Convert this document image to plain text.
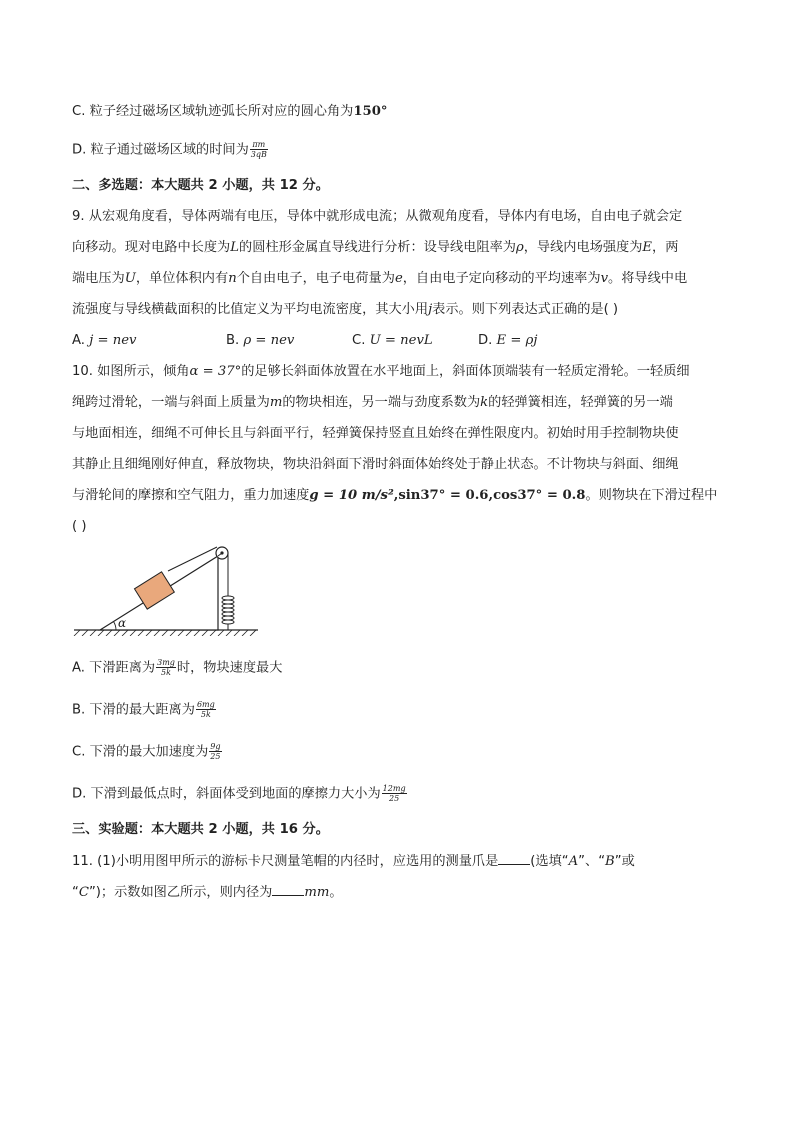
C. 粒子经过磁场区域轨迹弧长所对应的圆心角为150°
D. 粒子通过磁场区域的时间为 $\frac{\pi m}{3qB}$
二、多选题：本大题共 2 小题，共 12 分。
9. 从宏观角度看，导体两端有电压，导体中就形成电流；从微观角度看，导体内有电场，自由电子就会定
向移动。现对电路中长度为L的圆柱形金属直导线进行分析：设导线电阻率为ρ，导线内电场强度为E，两
端电压为U，单位体积内有n个自由电子，电子电荷量为e，自由电子定向移动的平均速率为v。将导线中电
流强度与导线横截面积的比值定义为平均电流密度，其大小用j表示。则下列表达式正确的是( )
A. j = nev	B. ρ = nev	C. U = nevL	D. E = ρj
10. 如图所示，倾角α = 37°的足够长斜面体放置在水平地面上，斜面体顶端装有一轻质定滑轮。一轻质细
绳跨过滑轮，一端与斜面上质量为m的物块相连，另一端与劲度系数为k的轻弹簧相连，轻弹簧的另一端
与地面相连，细绳不可伸长且与斜面平行，轻弹簧保持竖直且始终在弹性限度内。初始时用手控制物块使
其静止且细绳刚好伸直，释放物块，物块沿斜面下滑时斜面体始终处于静止状态。不计物块与斜面、细绳
与滑轮间的摩擦和空气阻力，重力加速度g = 10 m/s²,sin37° = 0.6,cos37° = 0.8。则物块在下滑过程中
( )
α
A. 下滑距离为 $\frac{3mg}{5k}$ 时，物块速度最大
B. 下滑的最大距离为 $\frac{6mg}{5k}$
C. 下滑的最大加速度为 $\frac{9g}{25}$
D. 下滑到最低点时，斜面体受到地面的摩擦力大小为 $\frac{12mg}{25}$
三、实验题：本大题共 2 小题，共 16 分。
11. (1)小明用图甲所示的游标卡尺测量笔帽的内径时，应选用的测量爪是 (选填“A”、“B”或
“C”)；示数如图乙所示，则内径为 mm。
